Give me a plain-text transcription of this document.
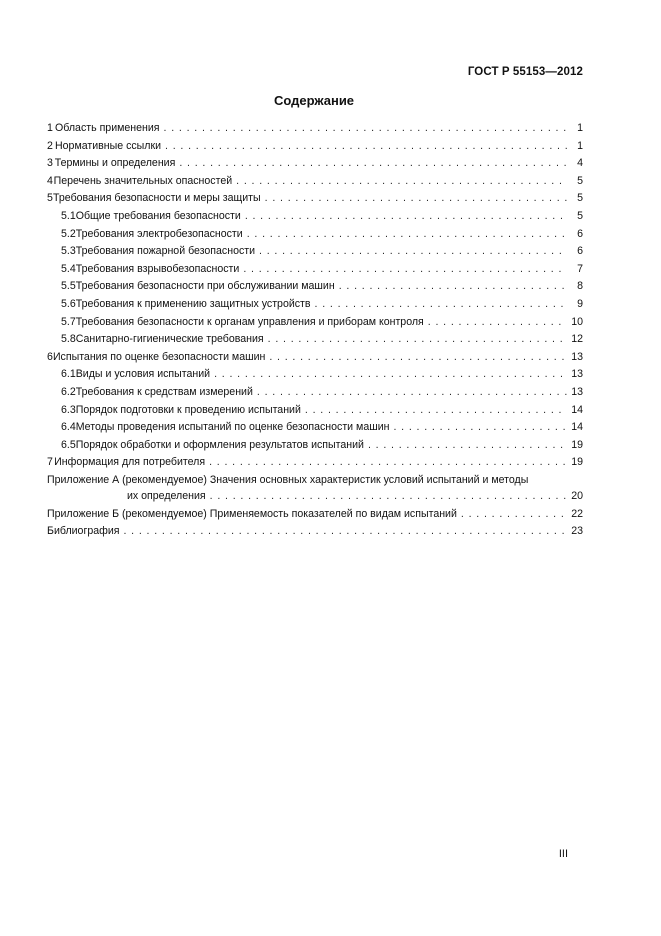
ГОСТ Р 55153—2012
Содержание
1 Область применения . . .	1
2 Нормативные ссылки . . .	1
3 Термины и определения . . .	4
4 Перечень значительных опасностей . . .	5
5 Требования безопасности и меры защиты . . .	5
5.1 Общие требования безопасности . . .	5
5.2 Требования электробезопасности . . .	6
5.3 Требования пожарной безопасности . . .	6
5.4 Требования взрывобезопасности . . .	7
5.5 Требования безопасности при обслуживании машин . . .	8
5.6 Требования к применению защитных устройств . . .	9
5.7 Требования безопасности к органам управления и приборам контроля . . .	10
5.8 Санитарно-гигиенические требования . . .	12
6 Испытания по оценке безопасности машин . . .	13
6.1 Виды и условия испытаний . . .	13
6.2 Требования к средствам измерений . . .	13
6.3 Порядок подготовки к проведению испытаний . . .	14
6.4 Методы проведения испытаний по оценке безопасности машин . . .	14
6.5 Порядок обработки и оформления результатов испытаний . . .	19
7 Информация для потребителя . . .	19
Приложение А (рекомендуемое) Значения основных характеристик условий испытаний и методы
их определения . . .	20
Приложение Б (рекомендуемое) Применяемость показателей по видам испытаний . . .	22
Библиография . . .	23
III
